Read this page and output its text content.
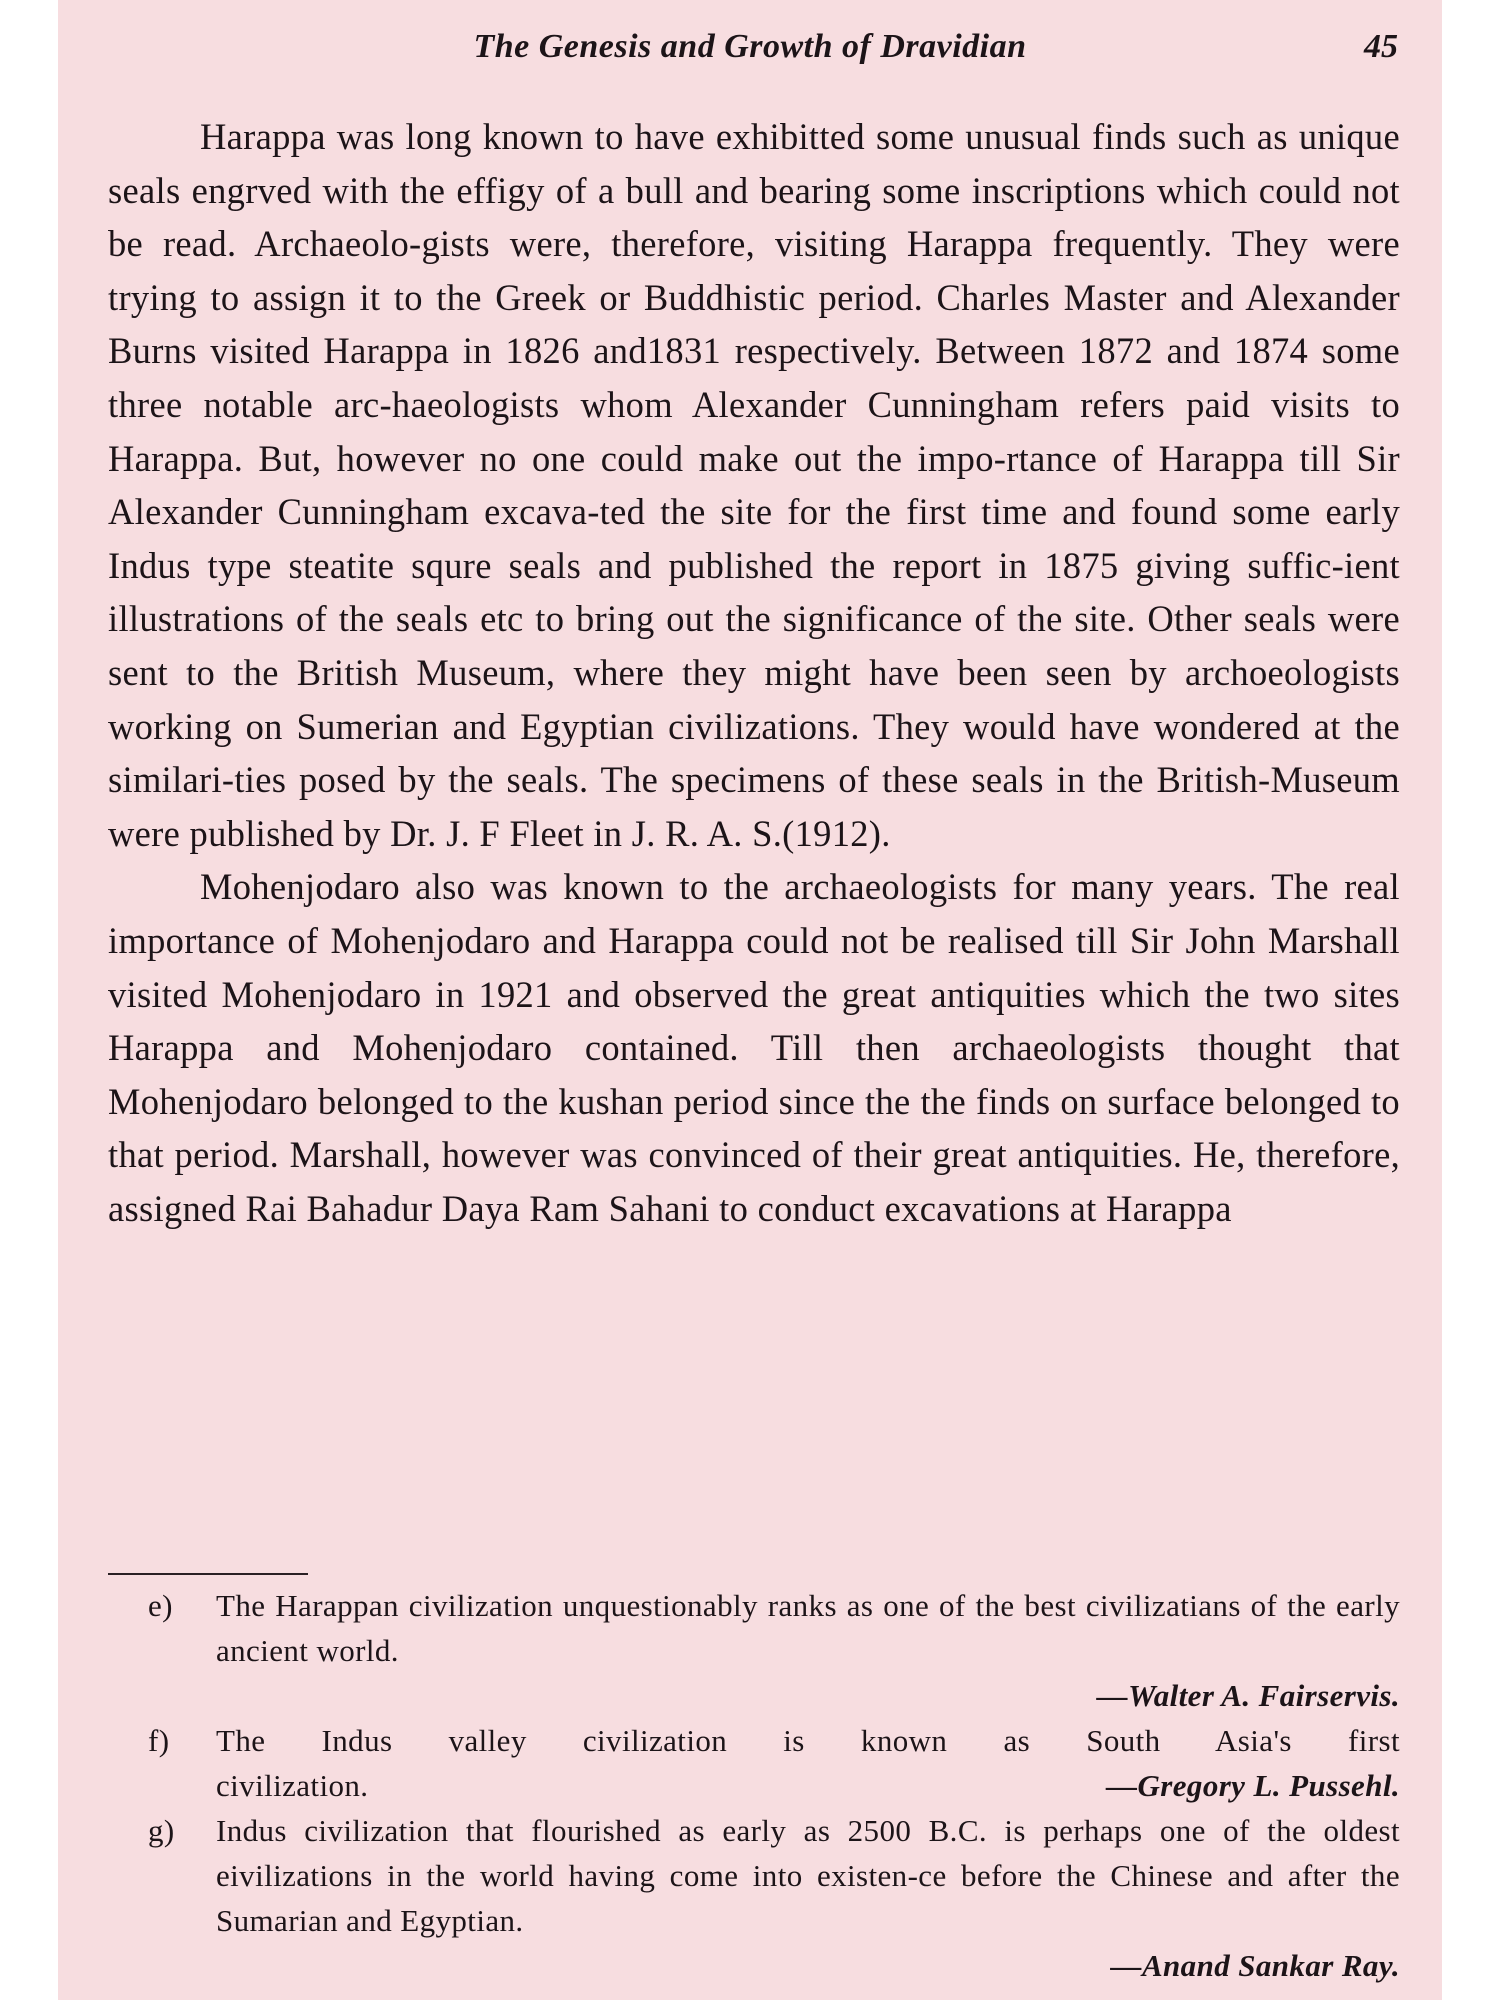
The Genesis and Growth of Dravidian	45

Harappa was long known to have exhibitted some unusual finds such as unique seals engrved with the effigy of a bull and bearing some inscriptions which could not be read. Archaeolo-gists were, therefore, visiting Harappa frequently. They were trying to assign it to the Greek or Buddhistic period. Charles Master and Alexander Burns visited Harappa in 1826 and1831 respectively. Between 1872 and 1874 some three notable arc-haeologists whom Alexander Cunningham refers paid visits to Harappa. But, however no one could make out the impo-rtance of Harappa till Sir Alexander Cunningham excava-ted the site for the first time and found some early Indus type steatite squre seals and published the report in 1875 giving suffic-ient illustrations of the seals etc to bring out the significance of the site. Other seals were sent to the British Museum, where they might have been seen by archoeologists working on Sumerian and Egyptian civilizations. They would have wondered at the similari-ties posed by the seals. The specimens of these seals in the British-Museum were published by Dr. J. F Fleet in J. R. A. S.(1912).

Mohenjodaro also was known to the archaeologists for many years. The real importance of Mohenjodaro and Harappa could not be realised till Sir John Marshall visited Mohenjodaro in 1921 and observed the great antiquities which the two sites Harappa and Mohenjodaro contained. Till then archaeologists thought that Mohenjodaro belonged to the kushan period since the the finds on surface belonged to that period. Marshall, however was convinced of their great antiquities. He, therefore, assigned Rai Bahadur Daya Ram Sahani to conduct excavations at Harappa

e) The Harappan civilization unquestionably ranks as one of the best civilizatians of the early ancient world.
—Walter A. Fairservis.
f) The Indus valley civilization is known as South Asia's first
—Gregory L. Pussehl.
civilization.
g) Indus civilization that flourished as early as 2500 B.C. is perhaps one of the oldest eivilizations in the world having come into existen-ce before the Chinese and after the Sumarian and Egyptian.
—Anand Sankar Ray.
